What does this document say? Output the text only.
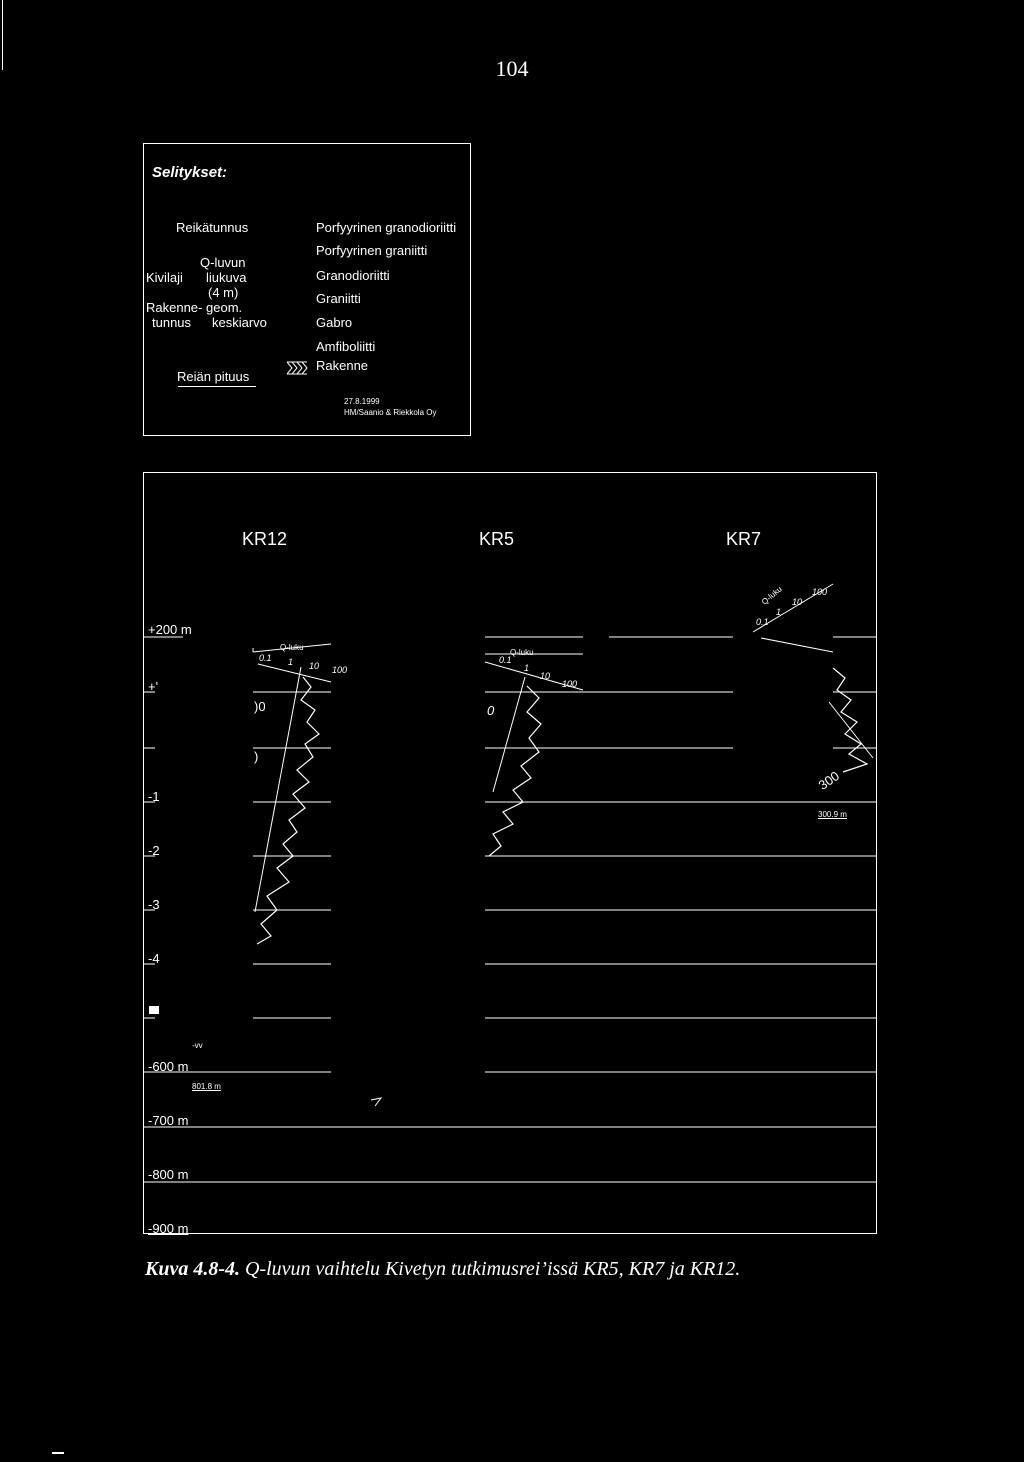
104
Selitykset:
Reikätunnus
Q-luvun
Kivilaji liukuva
(4 m)
Rakenne- geom.
tunnus keskiarvo
Reiän pituus
Porfyyrinen granodioriitti
Porfyyrinen graniitti
Granodioriitti
Graniitti
Gabro
Amfiboliitti
Rakenne
27.8.1999
HM/Saanio & Riekkola Oy
KR12	KR5	KR7
+200 m
+'
-1
-2
-3
-4
-vv
-600 m
-700 m
-800 m
-900 m
)0
)
0
300
801.8 m
300.9 m
Q-luku
0.1 1 10 100
Q-luku
0.1
1
10
100
Q-luku
0.1
1
10
100
Kuva 4.8-4. Q-luvun vaihtelu Kivetyn tutkimusrei’issä KR5, KR7 ja KR12.
